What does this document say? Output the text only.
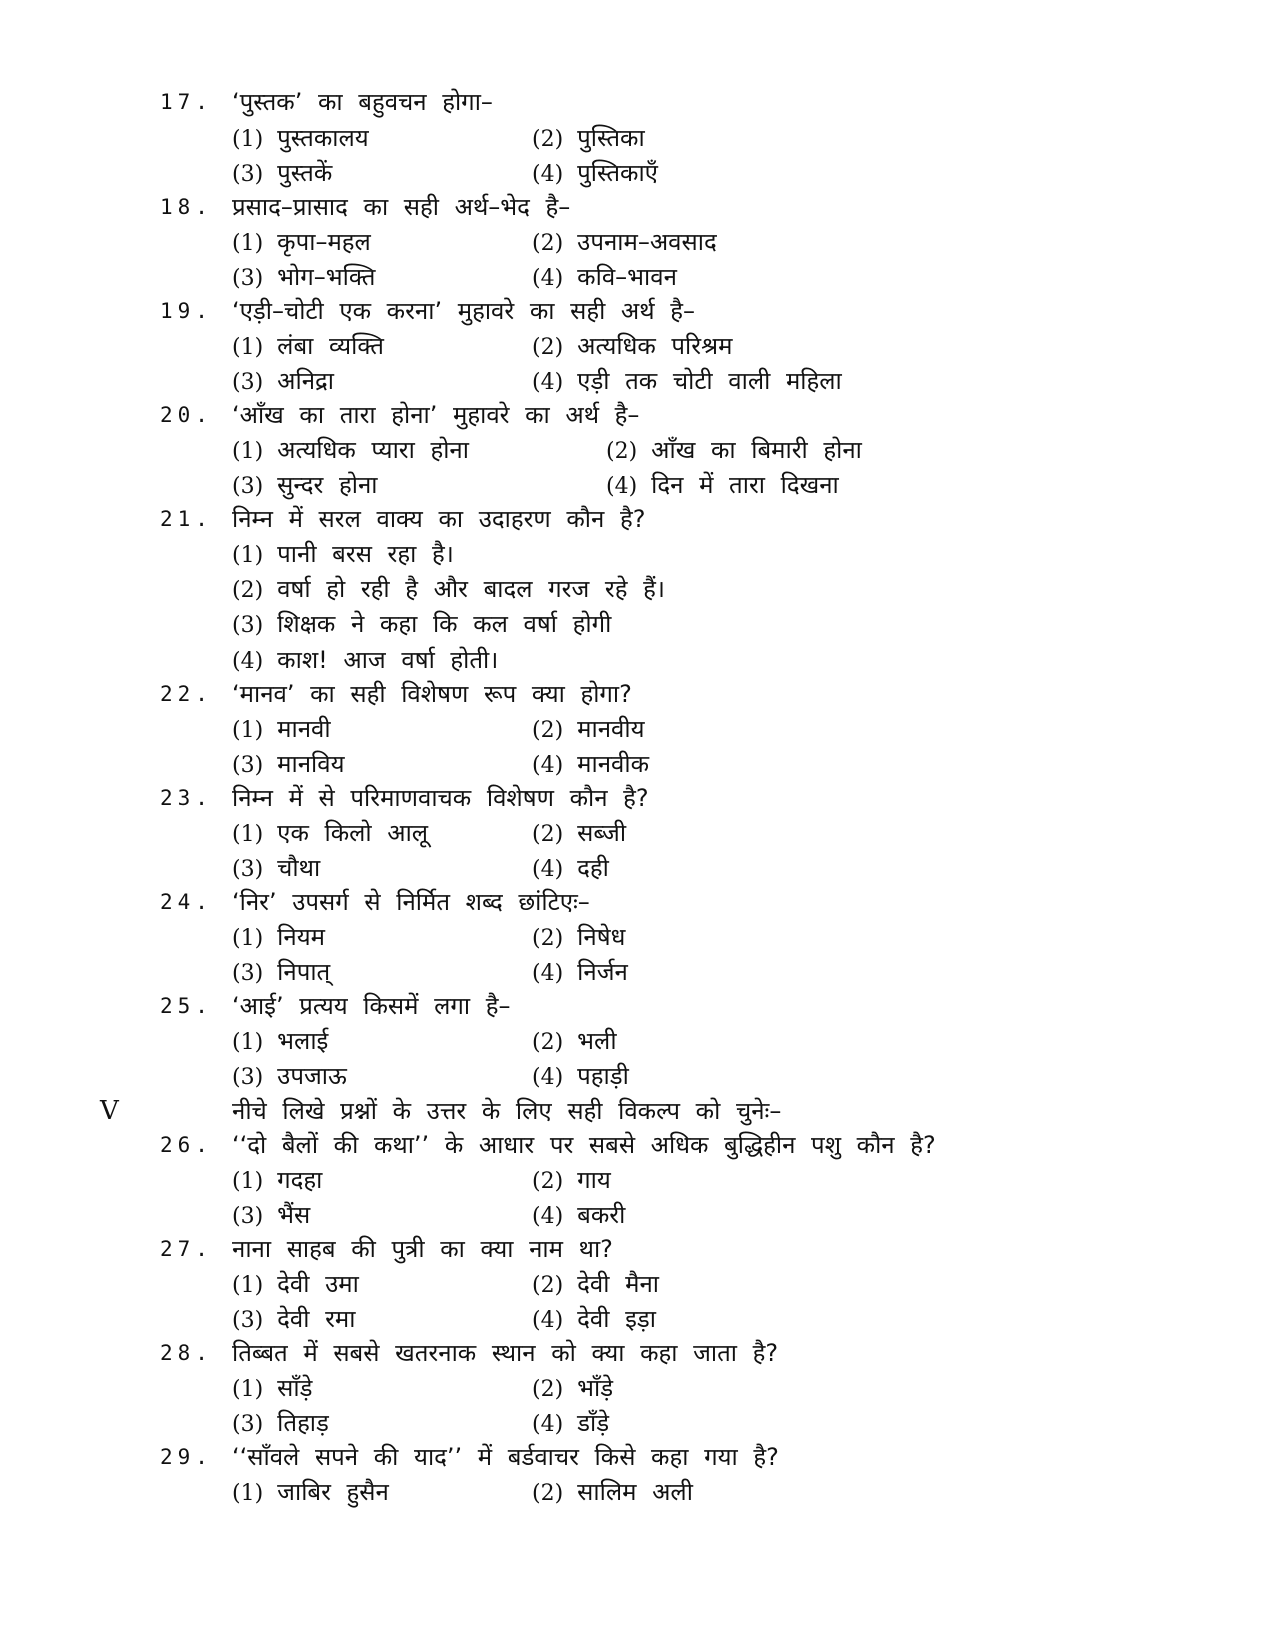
17. ‘पुस्तक’ का बहुवचन होगा–
(1) पुस्तकालय	(2) पुस्तिका
(3) पुस्तकें	(4) पुस्तिकाएँ
18. प्रसाद–प्रासाद का सही अर्थ–भेद है–
(1) कृपा–महल	(2) उपनाम–अवसाद
(3) भोग–भक्ति	(4) कवि–भावन
19. ‘एड़ी–चोटी एक करना’ मुहावरे का सही अर्थ है–
(1) लंबा व्यक्ति	(2) अत्यधिक परिश्रम
(3) अनिद्रा	(4) एड़ी तक चोटी वाली महिला
20. ‘आँख का तारा होना’ मुहावरे का अर्थ है–
(1) अत्यधिक प्यारा होना	(2) आँख का बिमारी होना
(3) सुन्दर होना	(4) दिन में तारा दिखना
21. निम्न में सरल वाक्य का उदाहरण कौन है?
(1) पानी बरस रहा है।
(2) वर्षा हो रही है और बादल गरज रहे हैं।
(3) शिक्षक ने कहा कि कल वर्षा होगी
(4) काश! आज वर्षा होती।
22. ‘मानव’ का सही विशेषण रूप क्या होगा?
(1) मानवी	(2) मानवीय
(3) मानविय	(4) मानवीक
23. निम्न में से परिमाणवाचक विशेषण कौन है?
(1) एक किलो आलू	(2) सब्जी
(3) चौथा	(4) दही
24. ‘निर’ उपसर्ग से निर्मित शब्द छांटिएः–
(1) नियम	(2) निषेध
(3) निपात्	(4) निर्जन
25. ‘आई’ प्रत्यय किसमें लगा है–
(1) भलाई	(2) भली
(3) उपजाऊ	(4) पहाड़ी
V	नीचे लिखे प्रश्नों के उत्तर के लिए सही विकल्प को चुनेः–
26. ‘‘दो बैलों की कथा’’ के आधार पर सबसे अधिक बुद्धिहीन पशु कौन है?
(1) गदहा	(2) गाय
(3) भैंस	(4) बकरी
27. नाना साहब की पुत्री का क्या नाम था?
(1) देवी उमा	(2) देवी मैना
(3) देवी रमा	(4) देवी इड़ा
28. तिब्बत में सबसे खतरनाक स्थान को क्या कहा जाता है?
(1) साँड़े	(2) भाँड़े
(3) तिहाड़	(4) डाँड़े
29. ‘‘साँवले सपने की याद’’ में बर्डवाचर किसे कहा गया है?
(1) जाबिर हुसैन	(2) सालिम अली
